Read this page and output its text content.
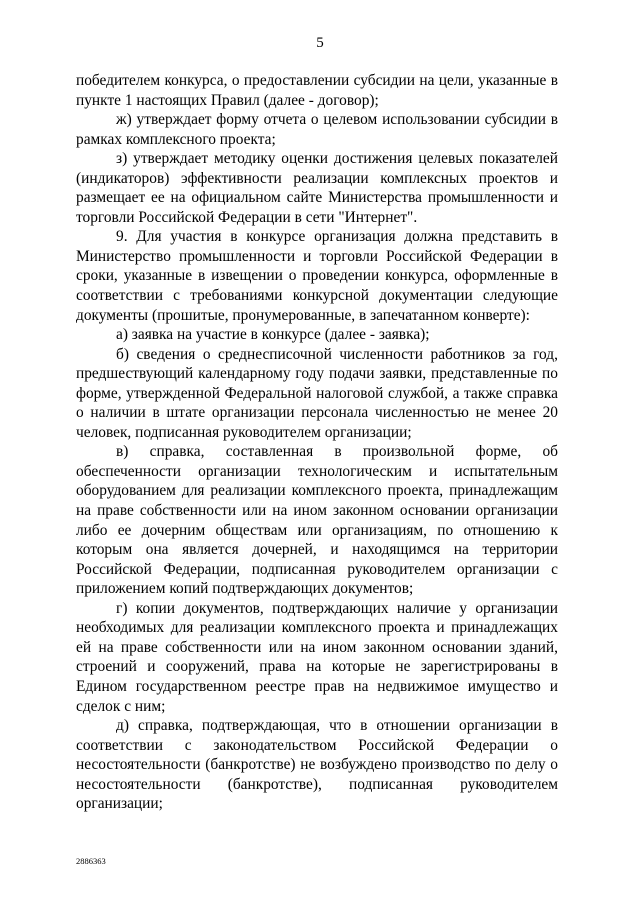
5

победителем конкурса, о предоставлении субсидии на цели, указанные в пункте 1 настоящих Правил (далее - договор);

ж) утверждает форму отчета о целевом использовании субсидии в рамках комплексного проекта;

з) утверждает методику оценки достижения целевых показателей (индикаторов) эффективности реализации комплексных проектов и размещает ее на официальном сайте Министерства промышленности и торговли Российской Федерации в сети "Интернет".

9. Для участия в конкурсе организация должна представить в Министерство промышленности и торговли Российской Федерации в сроки, указанные в извещении о проведении конкурса, оформленные в соответствии с требованиями конкурсной документации следующие документы (прошитые, пронумерованные, в запечатанном конверте):

а) заявка на участие в конкурсе (далее - заявка);

б) сведения о среднесписочной численности работников за год, предшествующий календарному году подачи заявки, представленные по форме, утвержденной Федеральной налоговой службой, а также справка о наличии в штате организации персонала численностью не менее 20 человек, подписанная руководителем организации;

в) справка, составленная в произвольной форме, об обеспеченности организации технологическим и испытательным оборудованием для реализации комплексного проекта, принадлежащим на праве собственности или на ином законном основании организации либо ее дочерним обществам или организациям, по отношению к которым она является дочерней, и находящимся на территории Российской Федерации, подписанная руководителем организации с приложением копий подтверждающих документов;

г) копии документов, подтверждающих наличие у организации необходимых для реализации комплексного проекта и принадлежащих ей на праве собственности или на ином законном основании зданий, строений и сооружений, права на которые не зарегистрированы в Едином государственном реестре прав на недвижимое имущество и сделок с ним;

д) справка, подтверждающая, что в отношении организации в соответствии с законодательством Российской Федерации о несостоятельности (банкротстве) не возбуждено производство по делу о несостоятельности (банкротстве), подписанная руководителем организации;

2886363
